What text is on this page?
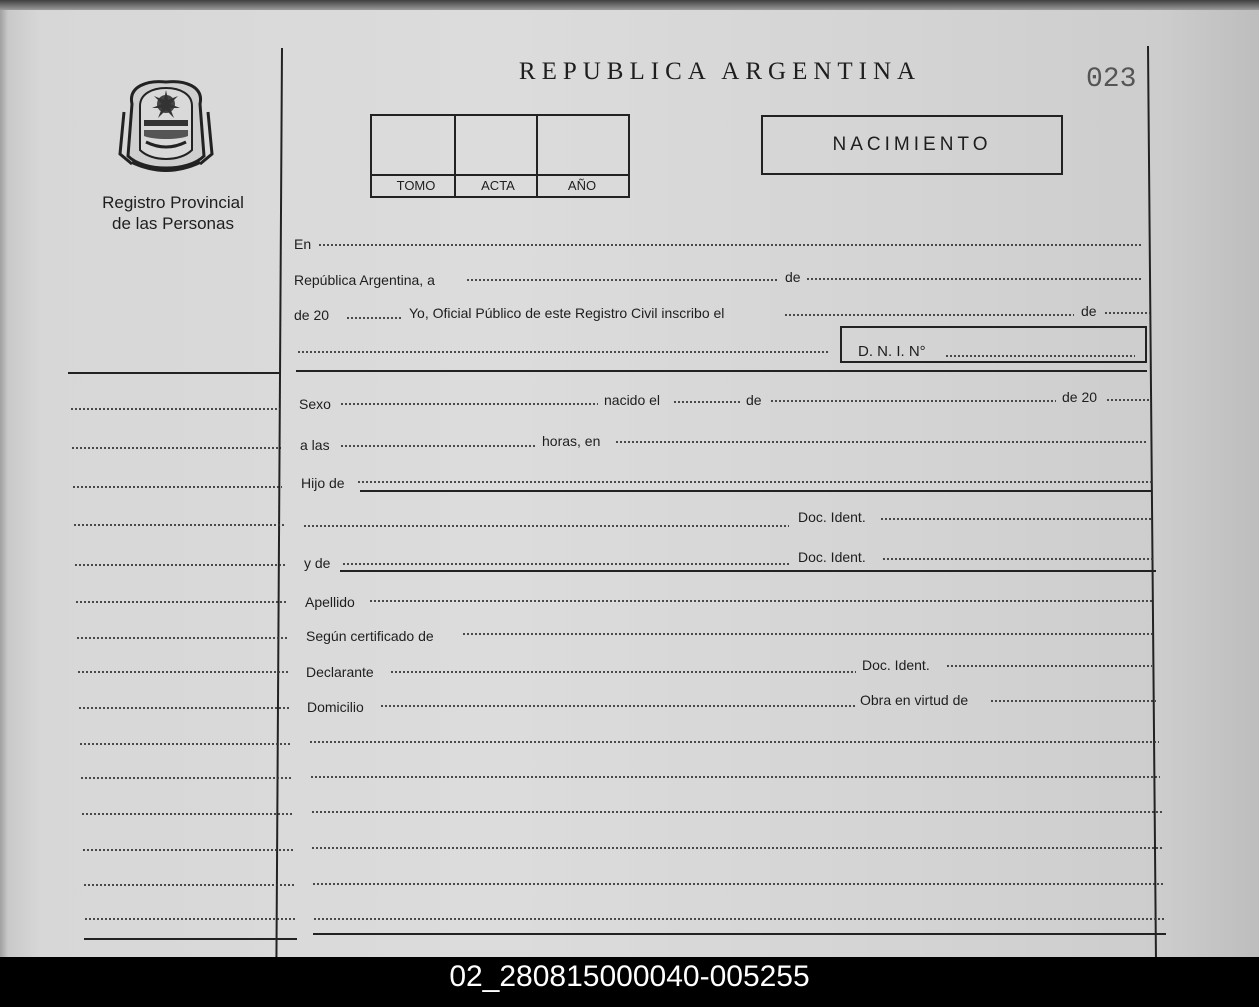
Registro Provincial
de las Personas
REPUBLICA ARGENTINA	023
TOMO	ACTA	AÑO
NACIMIENTO
En
República Argentina, a	de
de 20	Yo, Oficial Público de este Registro Civil inscribo el	de
D. N. I. N°
Sexo	nacido el	de	de 20
a las	horas, en
Hijo de
Doc. Ident.
y de	Doc. Ident.
Apellido
Según certificado de
Declarante	Doc. Ident.
Domicilio	Obra en virtud de
02_280815000040-005255
